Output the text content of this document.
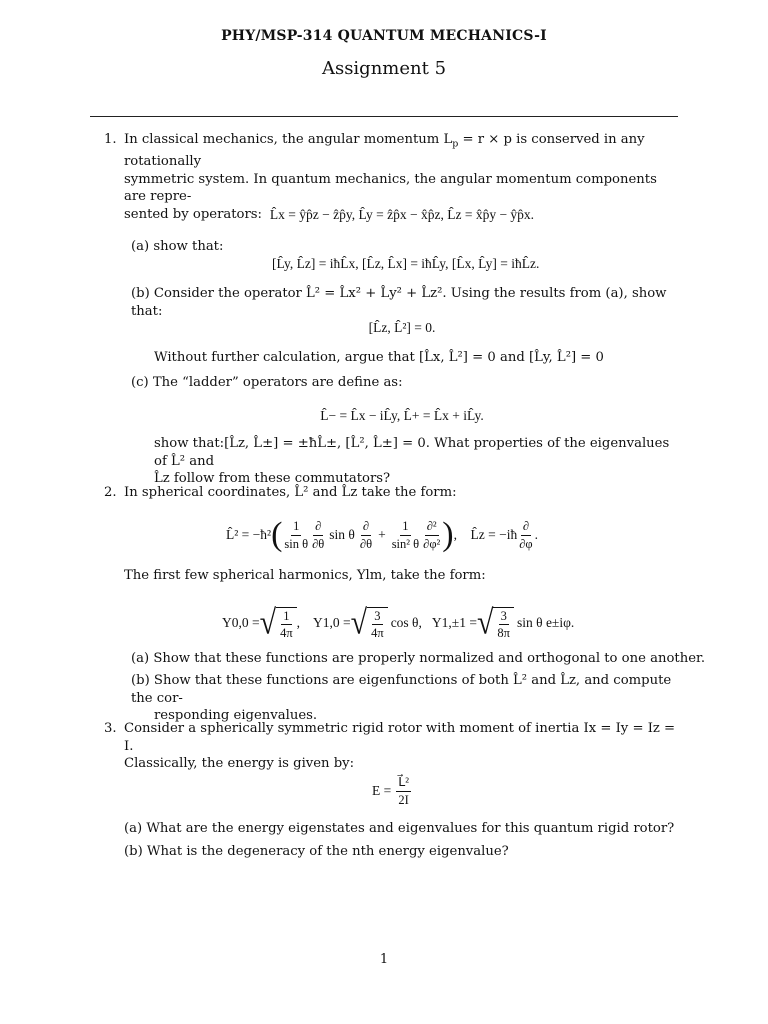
PHY/MSP-314 QUANTUM MECHANICS-I
Assignment 5
1. In classical mechanics, the angular momentum $L_p = r \times p$ is conserved in any rotationally
symmetric system. In quantum mechanics, the angular momentum components are repre-
sented by operators: L̂x = ŷp̂z − ẑp̂y, L̂y = ẑp̂x − x̂p̂z, L̂z = x̂p̂y − ŷp̂x.
(a) show that:
[L̂y, L̂z] = iħL̂x, [L̂z, L̂x] = iħL̂y, [L̂x, L̂y] = iħL̂z.
(b) Consider the operator L̂² = L̂x² + L̂y² + L̂z². Using the results from (a), show that:
[L̂z, L̂²] = 0.
Without further calculation, argue that [L̂x, L̂²] = 0 and [L̂y, L̂²] = 0
(c) The “ladder” operators are define as:
L̂− = L̂x − iL̂y, L̂+ = L̂x + iL̂y.
show that:[L̂z, L̂±] = ±ħL̂±, [L̂², L̂±] = 0. What properties of the eigenvalues of L̂² and
L̂z follow from these commutators?
2. In spherical coordinates, L̂² and L̂z take the form:
L̂² = −ħ² ( $\frac{1}{\text{sin θ}} \frac{\partial}{\partial\theta}$ sin θ $\frac{\partial}{\partial\theta} + \frac{1}{\text{sin² θ}} \frac{\text{∂²}}{\text{∂φ²}}$ ) ,    L̂z = −iħ $\frac{\partial}{\partial\varphi}$ .
The first few spherical harmonics, Ylm, take the form:
Y0,0 = √ $\frac{1}{4\pi}$ ,    Y1,0 = √ $\frac{3}{4\pi}$ cos θ, Y1,±1 = √ $\frac{3}{8\pi}$ sin θ e±iφ.
(a) Show that these functions are properly normalized and orthogonal to one another.
(b) Show that these functions are eigenfunctions of both L̂² and L̂z, and compute the cor-
responding eigenvalues.
3. Consider a spherically symmetric rigid rotor with moment of inertia Ix = Iy = Iz = I.
Classically, the energy is given by:
$E = \frac{\text{L⃗²}}{2I}$
(a) What are the energy eigenstates and eigenvalues for this quantum rigid rotor?
(b) What is the degeneracy of the nth energy eigenvalue?
1
